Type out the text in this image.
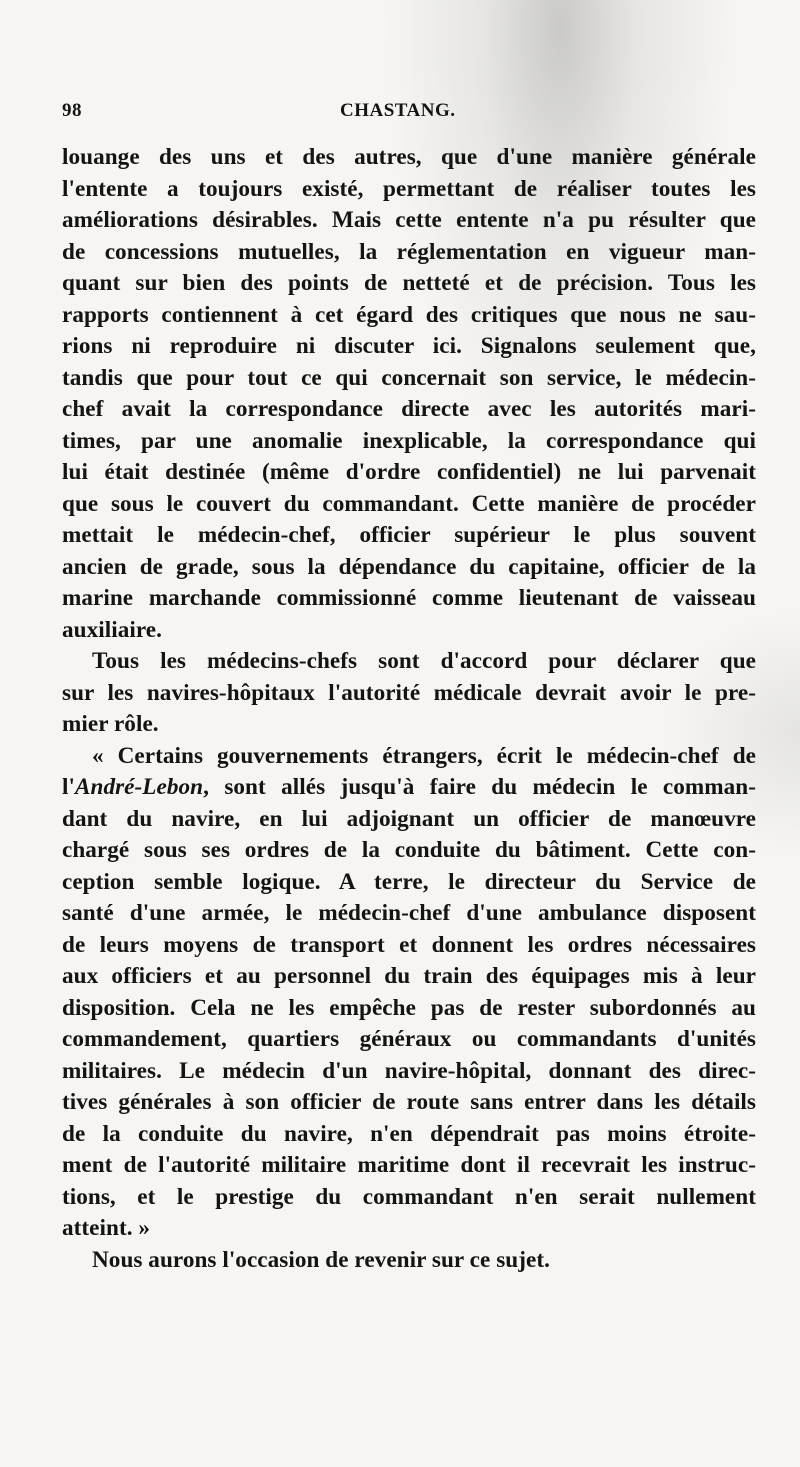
98	CHASTANG.

louange des uns et des autres, que d'une manière générale
l'entente a toujours existé, permettant de réaliser toutes les
améliorations désirables. Mais cette entente n'a pu résulter que
de concessions mutuelles, la réglementation en vigueur man-
quant sur bien des points de netteté et de précision. Tous les
rapports contiennent à cet égard des critiques que nous ne sau-
rions ni reproduire ni discuter ici. Signalons seulement que,
tandis que pour tout ce qui concernait son service, le médecin-
chef avait la correspondance directe avec les autorités mari-
times, par une anomalie inexplicable, la correspondance qui
lui était destinée (même d'ordre confidentiel) ne lui parvenait
que sous le couvert du commandant. Cette manière de procéder
mettait le médecin-chef, officier supérieur le plus souvent
ancien de grade, sous la dépendance du capitaine, officier de la
marine marchande commissionné comme lieutenant de vaisseau
auxiliaire.

Tous les médecins-chefs sont d'accord pour déclarer que
sur les navires-hôpitaux l'autorité médicale devrait avoir le pre-
mier rôle.

« Certains gouvernements étrangers, écrit le médecin-chef de
l'André-Lebon, sont allés jusqu'à faire du médecin le comman-
dant du navire, en lui adjoignant un officier de manœuvre
chargé sous ses ordres de la conduite du bâtiment. Cette con-
ception semble logique. A terre, le directeur du Service de
santé d'une armée, le médecin-chef d'une ambulance disposent
de leurs moyens de transport et donnent les ordres nécessaires
aux officiers et au personnel du train des équipages mis à leur
disposition. Cela ne les empêche pas de rester subordonnés au
commandement, quartiers généraux ou commandants d'unités
militaires. Le médecin d'un navire-hôpital, donnant des direc-
tives générales à son officier de route sans entrer dans les détails
de la conduite du navire, n'en dépendrait pas moins étroite-
ment de l'autorité militaire maritime dont il recevrait les instruc-
tions, et le prestige du commandant n'en serait nullement
atteint. »

Nous aurons l'occasion de revenir sur ce sujet.
